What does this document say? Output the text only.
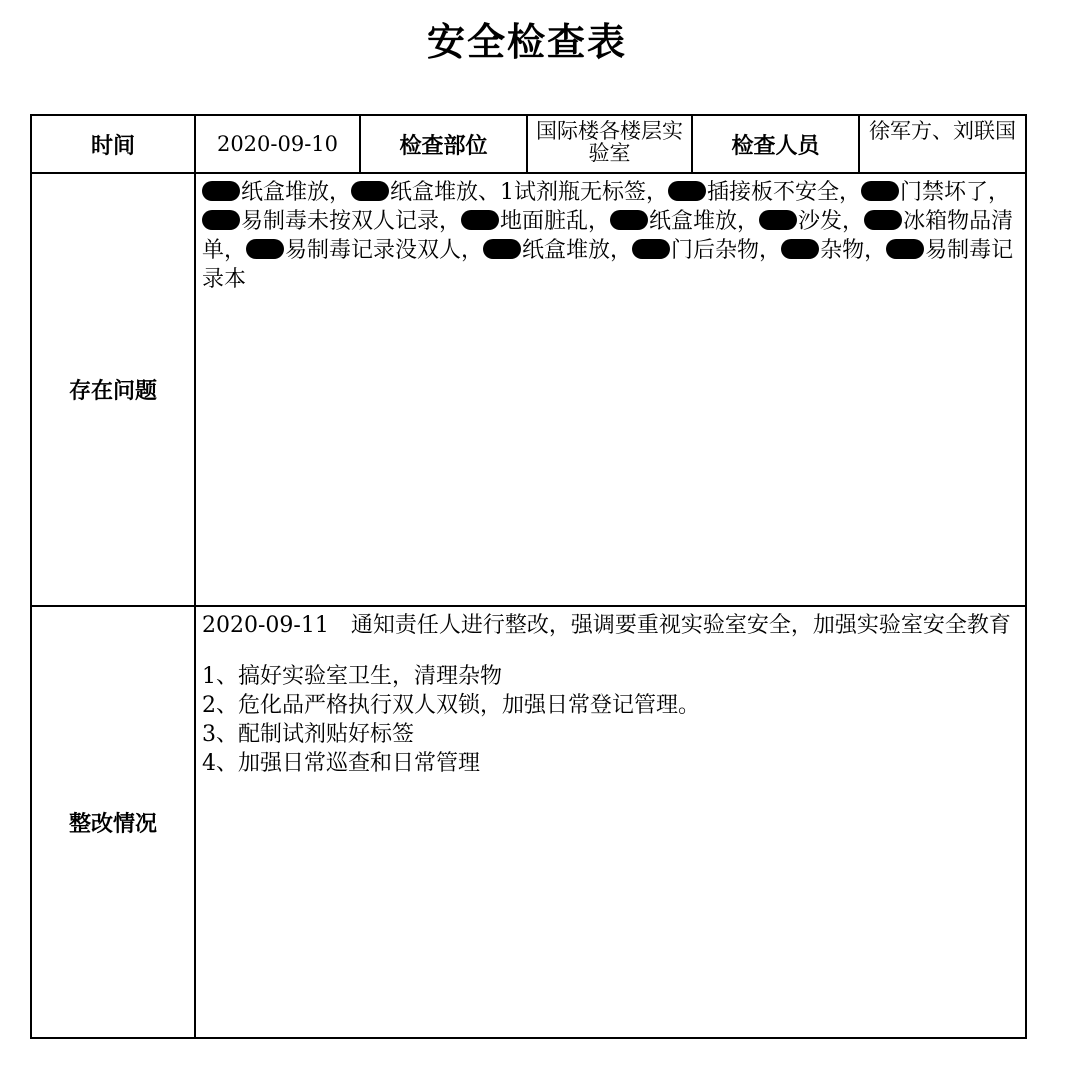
安全检查表
时间	2020-09-10	检查部位	国际楼各楼层实验室	检查人员	徐军方、刘联国
存在问题	纸盒堆放， 纸盒堆放、1试剂瓶无标签， 插接板不安全， 门禁坏了，易制毒未按双人记录， 地面脏乱， 纸盒堆放， 沙发， 冰箱物品清单， 易制毒记录没双人， 纸盒堆放， 门后杂物， 杂物， 易制毒记录本				
整改情况	2020-09-11　通知责任人进行整改，强调要重视实验室安全，加强实验室安全教育
1、搞好实验室卫生，清理杂物
2、危化品严格执行双人双锁，加强日常登记管理。
3、配制试剂贴好标签
4、加强日常巡查和日常管理				
